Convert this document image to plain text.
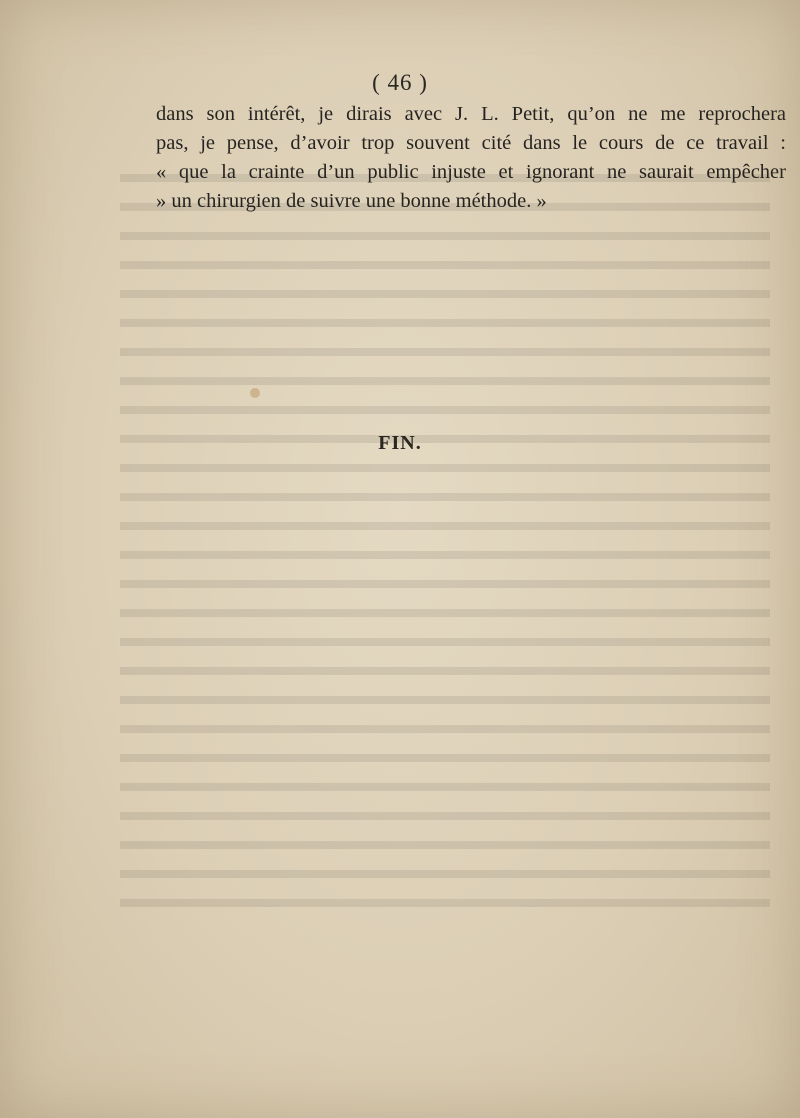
( 46 )
dans son intérêt, je dirais avec J. L. Petit, qu’on ne me reprochera
pas, je pense, d’avoir trop souvent cité dans le cours de ce travail :
« que la crainte d’un public injuste et ignorant ne saurait empêcher
» un chirurgien de suivre une bonne méthode. »
FIN.
